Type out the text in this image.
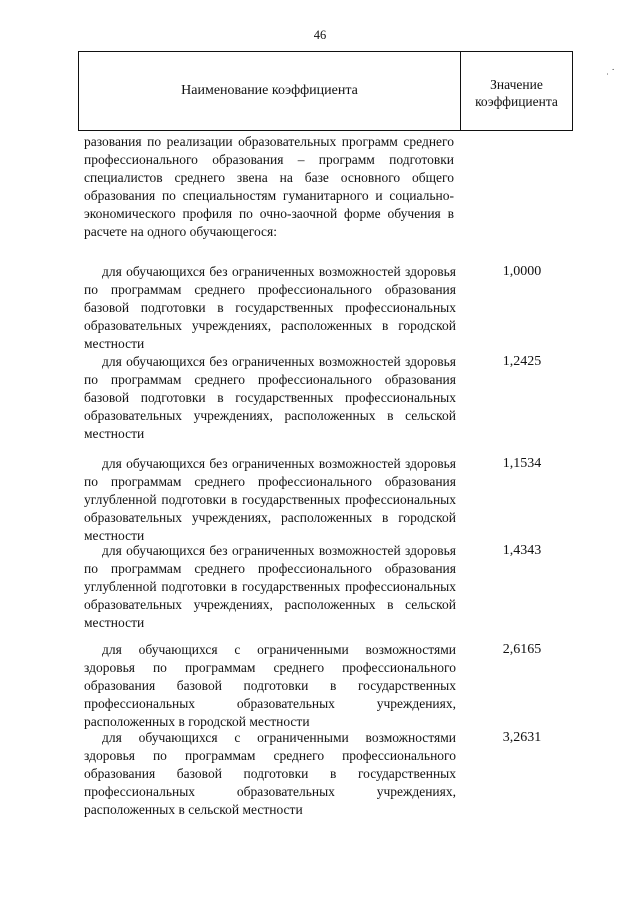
46
Наименование коэффициента	Значение
коэффициента
разования по реализации образовательных программ среднего профессионального образования – программ подготовки специалистов среднего звена на базе основного общего образования по специальностям гуманитарного и социально-экономического профиля по очно-заочной форме обучения в расчете на одного обучающегося:
для обучающихся без ограниченных возможностей здоровья по программам среднего профессионального образования базовой подготовки в государственных профессиональных образовательных учреждениях, расположенных в городской местности
1,0000
для обучающихся без ограниченных возможностей здоровья по программам среднего профессионального образования базовой подготовки в государственных профессиональных образовательных учреждениях, расположенных в сельской местности
1,2425
для обучающихся без ограниченных возможностей здоровья по программам среднего профессионального образования углубленной подготовки в государственных профессиональных образовательных учреждениях, расположенных в городской местности
1,1534
для обучающихся без ограниченных возможностей здоровья по программам среднего профессионального образования углубленной подготовки в государственных профессиональных образовательных учреждениях, расположенных в сельской местности
1,4343
для обучающихся с ограниченными возможностями здоровья по программам среднего профессионального образования базовой подготовки в государственных профессиональных образовательных учреждениях, расположенных в городской местности
2,6165
для обучающихся с ограниченными возможностями здоровья по программам среднего профессионального образования базовой подготовки в государственных профессиональных образовательных учреждениях, расположенных в сельской местности
3,2631
.
˙
